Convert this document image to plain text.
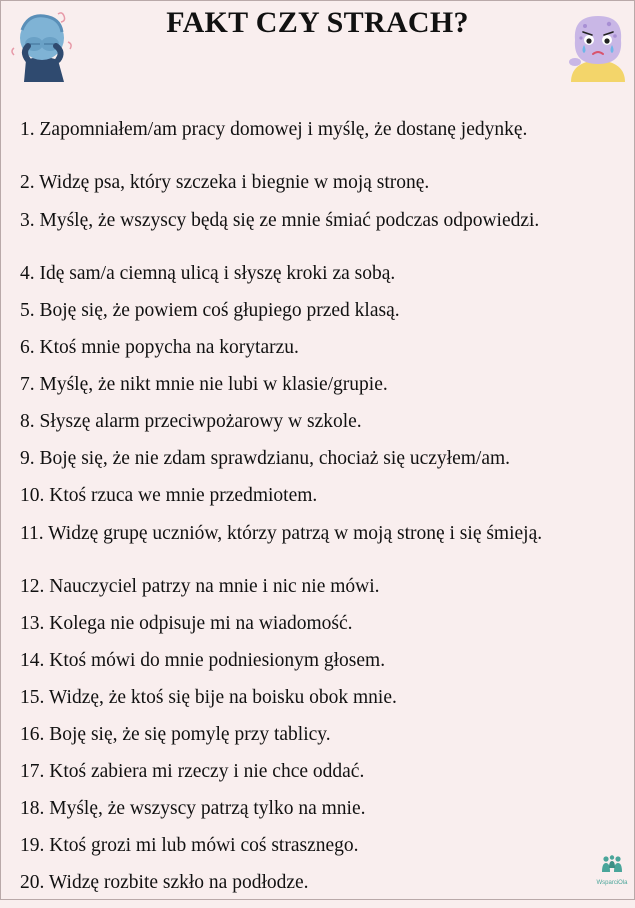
FAKT CZY STRACH?
1. Zapomniałem/am pracy domowej i myślę, że dostanę jedynkę.
2. Widzę psa, który szczeka i biegnie w moją stronę.
3. Myślę, że wszyscy będą się ze mnie śmiać podczas odpowiedzi.
4. Idę sam/a ciemną ulicą i słyszę kroki za sobą.
5. Boję się, że powiem coś głupiego przed klasą.
6. Ktoś mnie popycha na korytarzu.
7. Myślę, że nikt mnie nie lubi w klasie/grupie.
8. Słyszę alarm przeciwpożarowy w szkole.
9. Boję się, że nie zdam sprawdzianu, chociaż się uczyłem/am.
10. Ktoś rzuca we mnie przedmiotem.
11. Widzę grupę uczniów, którzy patrzą w moją stronę i się śmieją.
12. Nauczyciel patrzy na mnie i nic nie mówi.
13. Kolega nie odpisuje mi na wiadomość.
14. Ktoś mówi do mnie podniesionym głosem.
15. Widzę, że ktoś się bije na boisku obok mnie.
16. Boję się, że się pomylę przy tablicy.
17. Ktoś zabiera mi rzeczy i nie chce oddać.
18. Myślę, że wszyscy patrzą tylko na mnie.
19. Ktoś grozi mi lub mówi coś strasznego.
20. Widzę rozbite szkło na podłodze.	WsparciOla
